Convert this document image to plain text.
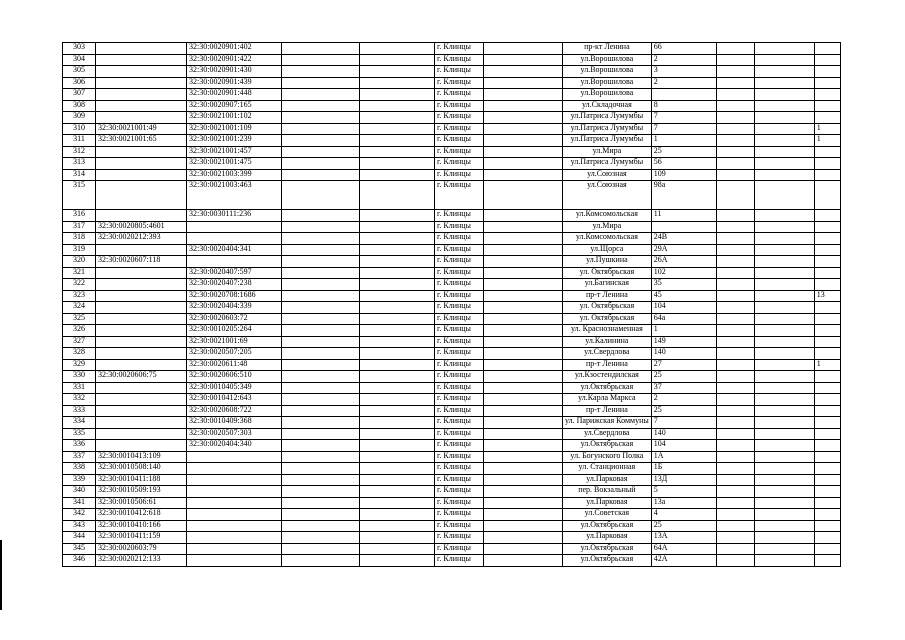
303		32:30:0020901:402			г. Клинцы		пр-кт Ленина	66			
304		32:30:0020901:422			г. Клинцы		ул.Ворошилова	2			
305		32:30:0020901:430			г. Клинцы		ул.Ворошилова	3			
306		32:30:0020901:439			г. Клинцы		ул.Ворошилова	2			
307		32:30:0020901:448			г. Клинцы		ул.Ворошилова				
308		32:30:0020907:165			г. Клинцы		ул.Складочная	8			
309		32:30:0021001:102			г. Клинцы		ул.Патриса Лумумбы	7			
310	32:30:0021001:49	32:30:0021001:109			г. Клинцы		ул.Патриса Лумумбы	7			1
311	32:30:0021001:65	32:30:0021001:239			г. Клинцы		ул.Патриса Лумумбы	1			1
312		32:30:0021001:457			г. Клинцы		ул.Мира	25			
313		32:30:0021001:475			г. Клинцы		ул.Патриса Лумумбы	56			
314		32:30:0021003:399			г. Клинцы		ул.Союзная	109			
315		32:30:0021003:463			г. Клинцы		ул.Союзная	98а			
316		32:30:0030111:236			г. Клинцы		ул.Комсомольская	11			
317	32:30:0020805:4601				г. Клинцы		ул.Мира				
318	32:30:0020212:393				г. Клинцы		ул.Комсомольская	24В			
319		32:30:0020404:341			г. Клинцы		ул.Щорса	29А			
320	32:30:0020607:118				г. Клинцы		ул.Пушкина	26А			
321		32:30:0020407:597			г. Клинцы		ул. Октябрьская	102			
322		32:30:0020407:238			г. Клинцы		ул.Багинская	35			
323		32:30:0020708:1686			г. Клинцы		пр-т Ленина	45			13
324		32:30:0020404:339			г. Клинцы		ул. Октябрьская	104			
325		32:30:0020603:72			г. Клинцы		ул. Октябрьская	64а			
326		32:30:0010205:264			г. Клинцы		ул. Краснознаменная	1			
327		32:30:0021001:69			г. Клинцы		ул.Калинина	149			
328		32:30:0020507:205			г. Клинцы		ул.Свердлова	140			
329		32:30:0020611:48			г. Клинцы		пр-т Ленина	27			1
330	32:30:0020606:75	32:30:0020606:510			г. Клинцы		ул.Кзостендилская	25			
331		32:30:0010405:349			г. Клинцы		ул.Октябрьская	37			
332		32:30:0010412:643			г. Клинцы		ул.Карла Маркса	2			
333		32:30:0020608:722			г. Клинцы		пр-т Ленина	25			
334		32:30:0010409:368			г. Клинцы		ул. Парижская Коммуны	7			
335		32:30:0020507:303			г. Клинцы		ул.Свердлова	140			
336		32:30:0020404:340			г. Клинцы		ул.Октябрьская	104			
337	32:30:0010413:109				г. Клинцы		ул. Богунского Полка	1А			
338	32:30:0010508:140				г. Клинцы		ул. Станционная	1Б			
339	32:30:0010411:188				г. Клинцы		ул.Парковая	13Д			
340	32:30:0010509:193				г. Клинцы		пер. Вокзальный	5			
341	32:30:0010506:61				г. Клинцы		ул.Парковая	13а			
342	32:30:0010412:618				г. Клинцы		ул.Советская	4			
343	32:30:0010410:166				г. Клинцы		ул.Октябрьская	25			
344	32:30:0010411:159				г. Клинцы		ул.Парковая	13А			
345	32:30:0020603:79				г. Клинцы		ул.Октябрьская	64А			
346	32:30:0020212:133				г. Клинцы		ул.Октябрьская	42А			
